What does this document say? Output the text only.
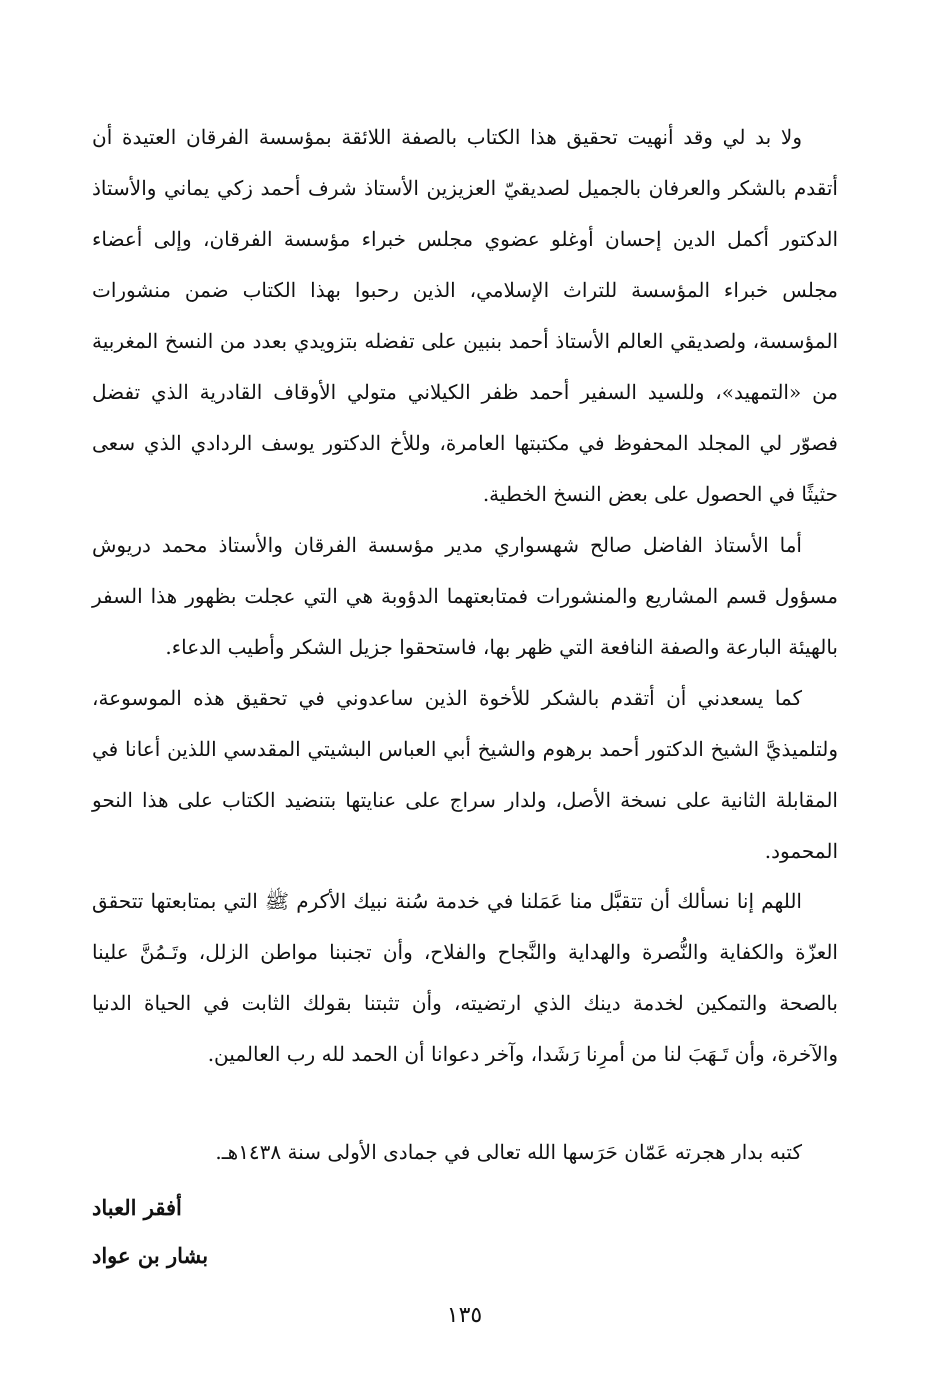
ولا بد لي وقد أنهيت تحقيق هذا الكتاب بالصفة اللائقة بمؤسسة الفرقان العتيدة أن أتقدم بالشكر والعرفان بالجميل لصديقيّ العزيزين الأستاذ شرف أحمد زكي يماني والأستاذ الدكتور أكمل الدين إحسان أوغلو عضوي مجلس خبراء مؤسسة الفرقان، وإلى أعضاء مجلس خبراء المؤسسة للتراث الإسلامي، الذين رحبوا بهذا الكتاب ضمن منشورات المؤسسة، ولصديقي العالم الأستاذ أحمد بنبين على تفضله بتزويدي بعدد من النسخ المغربية من «التمهيد»، وللسيد السفير أحمد ظفر الكيلاني متولي الأوقاف القادرية الذي تفضل فصوّر لي المجلد المحفوظ في مكتبتها العامرة، وللأخ الدكتور يوسف الردادي الذي سعى حثيثًا في الحصول على بعض النسخ الخطية.

أما الأستاذ الفاضل صالح شهسواري مدير مؤسسة الفرقان والأستاذ محمد دريوش مسؤول قسم المشاريع والمنشورات فمتابعتهما الدؤوبة هي التي عجلت بظهور هذا السفر بالهيئة البارعة والصفة النافعة التي ظهر بها، فاستحقوا جزيل الشكر وأطيب الدعاء.

كما يسعدني أن أتقدم بالشكر للأخوة الذين ساعدوني في تحقيق هذه الموسوعة، ولتلميذيَّ الشيخ الدكتور أحمد برهوم والشيخ أبي العباس البشيتي المقدسي اللذين أعانا في المقابلة الثانية على نسخة الأصل، ولدار سراج على عنايتها بتنضيد الكتاب على هذا النحو المحمود.

اللهم إنا نسألك أن تتقبَّل منا عَمَلنا في خدمة سُنة نبيك الأكرم ﷺ التي بمتابعتها تتحقق العزّة والكفاية والنُّصرة والهداية والنَّجاح والفلاح، وأن تجنبنا مواطن الزلل، وتَـمُنَّ علينا بالصحة والتمكين لخدمة دينك الذي ارتضيته، وأن تثبتنا بقولك الثابت في الحياة الدنيا والآخرة، وأن تَـهَبَ لنا من أمرِنا رَشَدا، وآخر دعوانا أن الحمد لله رب العالمين.

كتبه بدار هجرته عَمّان حَرَسها الله تعالى في جمادى الأولى سنة ١٤٣٨هـ.
أفقر العباد
بشار بن عواد
١٣٥
